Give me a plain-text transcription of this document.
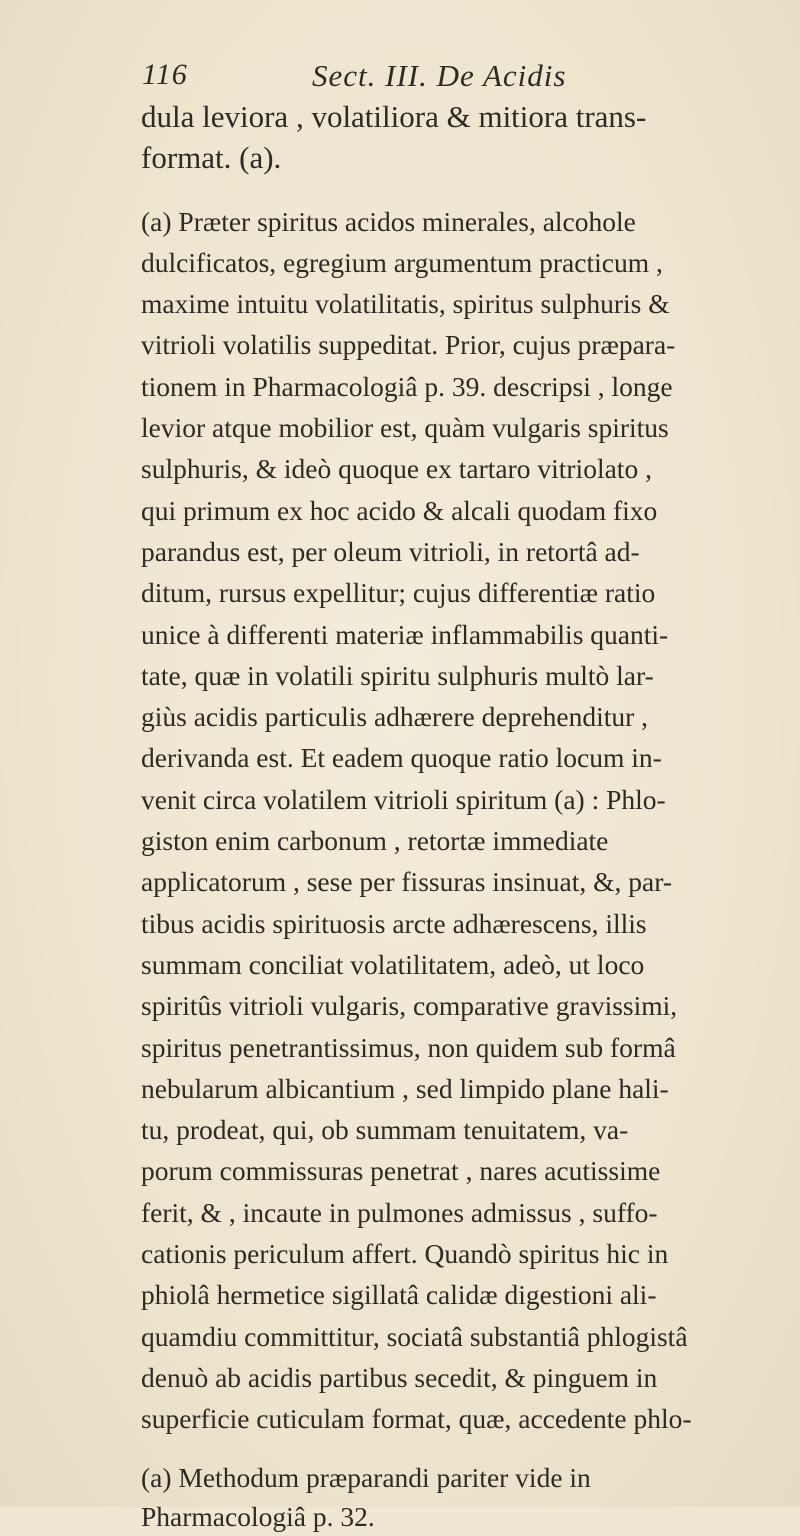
116	Sect. III. De Acidis
dula leviora , volatiliora & mitiora trans-
format. (a).
(a) Præter spiritus acidos minerales, alcohole
dulcificatos, egregium argumentum practicum ,
maxime intuitu volatilitatis, spiritus sulphuris &
vitrioli volatilis suppeditat. Prior, cujus præpara-
tionem in Pharmacologiâ p. 39. descripsi , longe
levior atque mobilior est, quàm vulgaris spiritus
sulphuris, & ideò quoque ex tartaro vitriolato ,
qui primum ex hoc acido & alcali quodam fixo
parandus est, per oleum vitrioli, in retortâ ad-
ditum, rursus expellitur; cujus differentiæ ratio
unice à differenti materiæ inflammabilis quanti-
tate, quæ in volatili spiritu sulphuris multò lar-
giùs acidis particulis adhærere deprehenditur ,
derivanda est. Et eadem quoque ratio locum in-
venit circa volatilem vitrioli spiritum (a) : Phlo-
giston enim carbonum , retortæ immediate
applicatorum , sese per fissuras insinuat, &, par-
tibus acidis spirituosis arcte adhærescens, illis
summam conciliat volatilitatem, adeò, ut loco
spiritûs vitrioli vulgaris, comparative gravissimi,
spiritus penetrantissimus, non quidem sub formâ
nebularum albicantium , sed limpido plane hali-
tu, prodeat, qui, ob summam tenuitatem, va-
porum commissuras penetrat , nares acutissime
ferit, & , incaute in pulmones admissus , suffo-
cationis periculum affert. Quandò spiritus hic in
phiolâ hermetice sigillatâ calidæ digestioni ali-
quamdiu committitur, sociatâ substantiâ phlogistâ
denuò ab acidis partibus secedit, & pinguem in
superficie cuticulam format, quæ, accedente phlo-
(a) Methodum præparandi pariter vide in
Pharmacologiâ p. 32.
